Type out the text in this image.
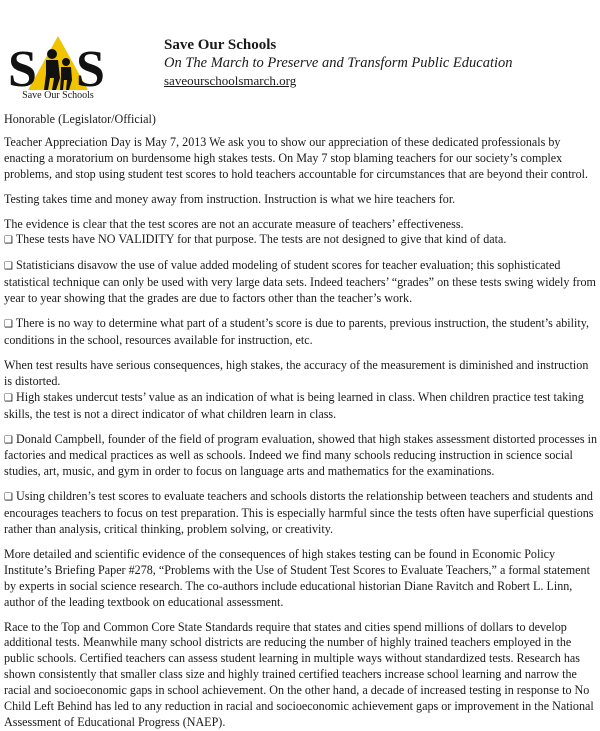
S S
Save Our Schools

Save Our Schools

On The March to Preserve and Transform Public Education

saveourschoolsmarch.org

Honorable (Legislator/Official)

Teacher Appreciation Day is May 7, 2013 We ask you to show our appreciation of these dedicated professionals by enacting a moratorium on burdensome high stakes tests. On May 7 stop blaming teachers for our society’s complex problems, and stop using student test scores to hold teachers accountable for circumstances that are beyond their control.

Testing takes time and money away from instruction. Instruction is what we hire teachers for.

The evidence is clear that the test scores are not an accurate measure of teachers’ effectiveness.

❑ These tests have NO VALIDITY for that purpose. The tests are not designed to give that kind of data.

❑ Statisticians disavow the use of value added modeling of student scores for teacher evaluation; this sophisticated statistical technique can only be used with very large data sets. Indeed teachers’ “grades” on these tests swing widely from year to year showing that the grades are due to factors other than the teacher’s work.

❑ There is no way to determine what part of a student’s score is due to parents, previous instruction, the student’s ability, conditions in the school, resources available for instruction, etc.

When test results have serious consequences, high stakes, the accuracy of the measurement is diminished and instruction is distorted.

❑ High stakes undercut tests’ value as an indication of what is being learned in class. When children practice test taking skills, the test is not a direct indicator of what children learn in class.

❑ Donald Campbell, founder of the field of program evaluation, showed that high stakes assessment distorted processes in factories and medical practices as well as schools. Indeed we find many schools reducing instruction in science social studies, art, music, and gym in order to focus on language arts and mathematics for the examinations.

❑ Using children’s test scores to evaluate teachers and schools distorts the relationship between teachers and students and encourages teachers to focus on test preparation. This is especially harmful since the tests often have superficial questions rather than analysis, critical thinking, problem solving, or creativity.

More detailed and scientific evidence of the consequences of high stakes testing can be found in Economic Policy Institute’s Briefing Paper #278, “Problems with the Use of Student Test Scores to Evaluate Teachers,” a formal statement by experts in social science research. The co-authors include educational historian Diane Ravitch and Robert L. Linn, author of the leading textbook on educational assessment.

Race to the Top and Common Core State Standards require that states and cities spend millions of dollars to develop additional tests. Meanwhile many school districts are reducing the number of highly trained teachers employed in the public schools. Certified teachers can assess student learning in multiple ways without standardized tests. Research has shown consistently that smaller class size and highly trained certified teachers increase school learning and narrow the racial and socioeconomic gaps in school achievement. On the other hand, a decade of increased testing in response to No Child Left Behind has led to any reduction in racial and socioeconomic achievement gaps or improvement in the National Assessment of Educational Progress (NAEP).
